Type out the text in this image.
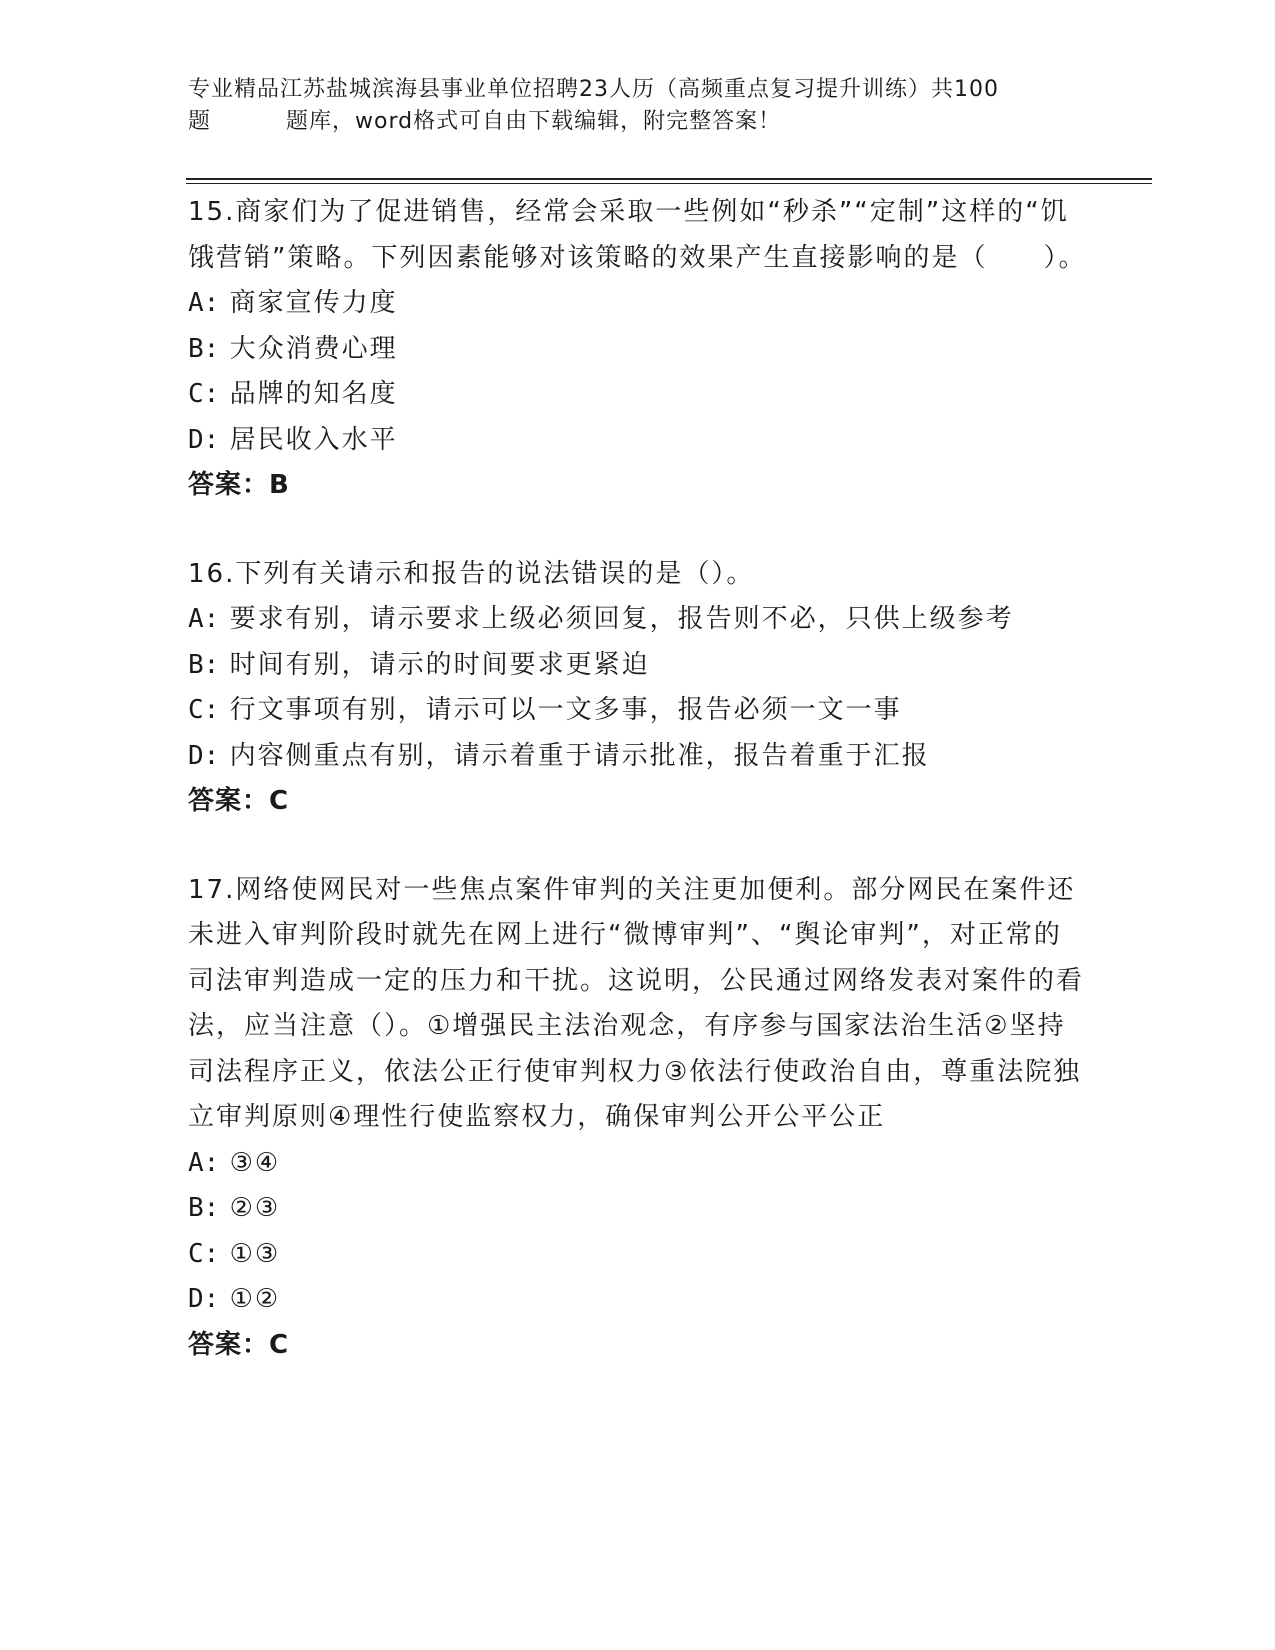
专业精品江苏盐城滨海县事业单位招聘23人历（高频重点复习提升训练）共100
题	题库，word格式可自由下载编辑，附完整答案！

15.商家们为了促进销售，经常会采取一些例如“秒杀”“定制”这样的“饥饿营销”策略。下列因素能够对该策略的效果产生直接影响的是（　　）。

A: 商家宣传力度

B: 大众消费心理

C: 品牌的知名度

D: 居民收入水平

答案：B

16.下列有关请示和报告的说法错误的是（）。

A: 要求有别，请示要求上级必须回复，报告则不必，只供上级参考

B: 时间有别，请示的时间要求更紧迫

C: 行文事项有别，请示可以一文多事，报告必须一文一事

D: 内容侧重点有别，请示着重于请示批准，报告着重于汇报

答案：C

17.网络使网民对一些焦点案件审判的关注更加便利。部分网民在案件还未进入审判阶段时就先在网上进行“微博审判”、“舆论审判”，对正常的司法审判造成一定的压力和干扰。这说明，公民通过网络发表对案件的看法，应当注意（）。①增强民主法治观念，有序参与国家法治生活②坚持司法程序正义，依法公正行使审判权力③依法行使政治自由，尊重法院独立审判原则④理性行使监察权力，确保审判公开公平公正

A: ③④

B: ②③

C: ①③

D: ①②

答案：C
